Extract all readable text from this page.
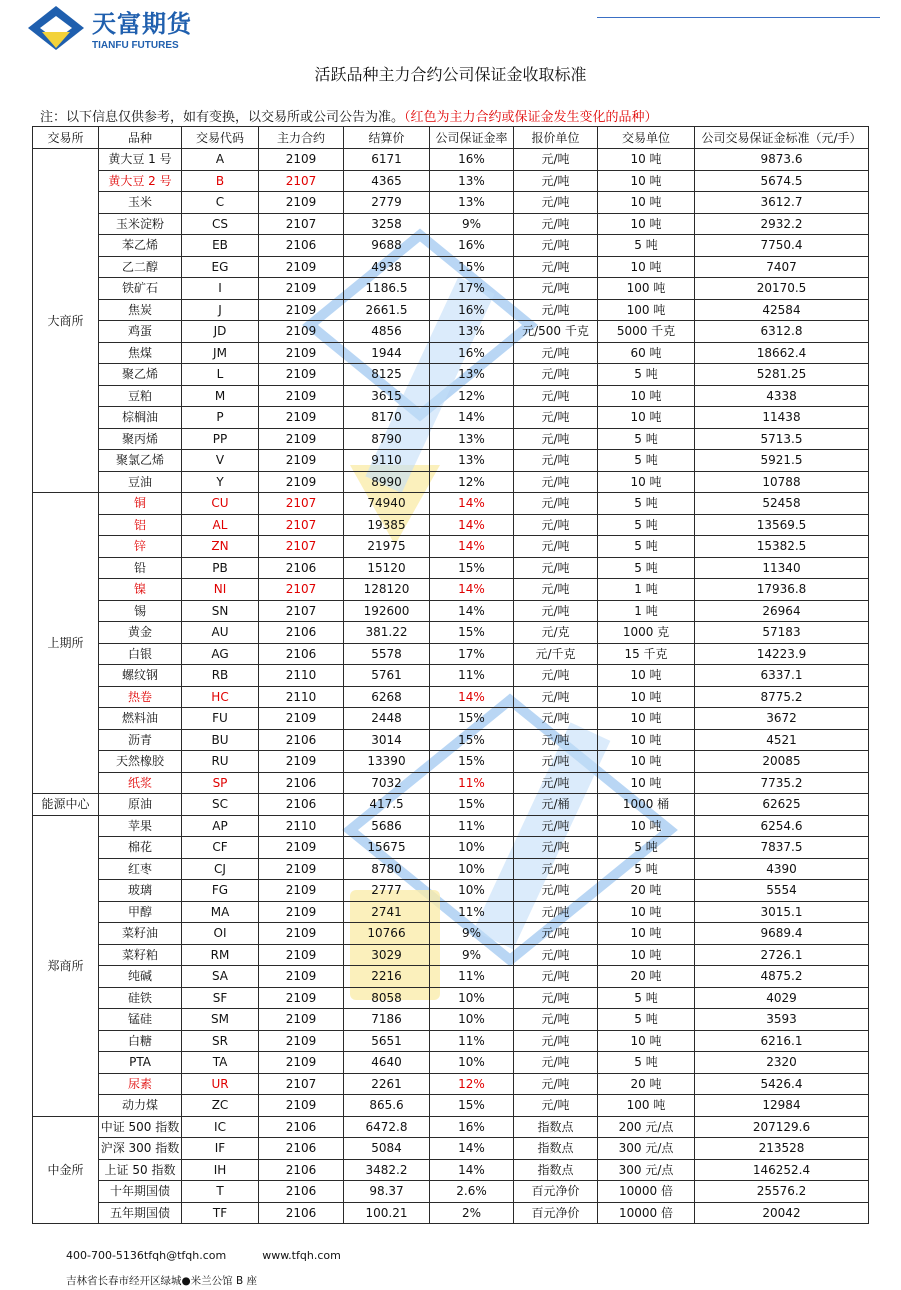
天富期货
TIANFU FUTURES
活跃品种主力合约公司保证金收取标准
注：以下信息仅供参考，如有变换，以交易所或公司公告为准。（红色为主力合约或保证金发生变化的品种）
交易所	品种	交易代码	主力合约	结算价	公司保证金率	报价单位	交易单位	公司交易保证金标准（元/手）
大商所	黄大豆 1 号	A	2109	6171	16%	元/吨	10 吨	9873.6
	黄大豆 2 号	B	2107	4365	13%	元/吨	10 吨	5674.5
	玉米	C	2109	2779	13%	元/吨	10 吨	3612.7
	玉米淀粉	CS	2107	3258	9%	元/吨	10 吨	2932.2
	苯乙烯	EB	2106	9688	16%	元/吨	5 吨	7750.4
	乙二醇	EG	2109	4938	15%	元/吨	10 吨	7407
	铁矿石	I	2109	1186.5	17%	元/吨	100 吨	20170.5
	焦炭	J	2109	2661.5	16%	元/吨	100 吨	42584
	鸡蛋	JD	2109	4856	13%	元/500 千克	5000 千克	6312.8
	焦煤	JM	2109	1944	16%	元/吨	60 吨	18662.4
	聚乙烯	L	2109	8125	13%	元/吨	5 吨	5281.25
	豆粕	M	2109	3615	12%	元/吨	10 吨	4338
	棕榈油	P	2109	8170	14%	元/吨	10 吨	11438
	聚丙烯	PP	2109	8790	13%	元/吨	5 吨	5713.5
	聚氯乙烯	V	2109	9110	13%	元/吨	5 吨	5921.5
	豆油	Y	2109	8990	12%	元/吨	10 吨	10788
上期所	铜	CU	2107	74940	14%	元/吨	5 吨	52458
	铝	AL	2107	19385	14%	元/吨	5 吨	13569.5
	锌	ZN	2107	21975	14%	元/吨	5 吨	15382.5
	铅	PB	2106	15120	15%	元/吨	5 吨	11340
	镍	NI	2107	128120	14%	元/吨	1 吨	17936.8
	锡	SN	2107	192600	14%	元/吨	1 吨	26964
	黄金	AU	2106	381.22	15%	元/克	1000 克	57183
	白银	AG	2106	5578	17%	元/千克	15 千克	14223.9
	螺纹钢	RB	2110	5761	11%	元/吨	10 吨	6337.1
	热卷	HC	2110	6268	14%	元/吨	10 吨	8775.2
	燃料油	FU	2109	2448	15%	元/吨	10 吨	3672
	沥青	BU	2106	3014	15%	元/吨	10 吨	4521
	天然橡胶	RU	2109	13390	15%	元/吨	10 吨	20085
	纸浆	SP	2106	7032	11%	元/吨	10 吨	7735.2
能源中心	原油	SC	2106	417.5	15%	元/桶	1000 桶	62625
郑商所	苹果	AP	2110	5686	11%	元/吨	10 吨	6254.6
	棉花	CF	2109	15675	10%	元/吨	5 吨	7837.5
	红枣	CJ	2109	8780	10%	元/吨	5 吨	4390
	玻璃	FG	2109	2777	10%	元/吨	20 吨	5554
	甲醇	MA	2109	2741	11%	元/吨	10 吨	3015.1
	菜籽油	OI	2109	10766	9%	元/吨	10 吨	9689.4
	菜籽粕	RM	2109	3029	9%	元/吨	10 吨	2726.1
	纯碱	SA	2109	2216	11%	元/吨	20 吨	4875.2
	硅铁	SF	2109	8058	10%	元/吨	5 吨	4029
	锰硅	SM	2109	7186	10%	元/吨	5 吨	3593
	白糖	SR	2109	5651	11%	元/吨	10 吨	6216.1
	PTA	TA	2109	4640	10%	元/吨	5 吨	2320
	尿素	UR	2107	2261	12%	元/吨	20 吨	5426.4
	动力煤	ZC	2109	865.6	15%	元/吨	100 吨	12984
中金所	中证 500 指数	IC	2106	6472.8	16%	指数点	200 元/点	207129.6
	沪深 300 指数	IF	2106	5084	14%	指数点	300 元/点	213528
	上证 50 指数	IH	2106	3482.2	14%	指数点	300 元/点	146252.4
	十年期国债	T	2106	98.37	2.6%	百元净价	10000 倍	25576.2
	五年期国债	TF	2106	100.21	2%	百元净价	10000 倍	20042
400-700-5136tfqh@tfqh.com	www.tfqh.com
吉林省长春市经开区绿城●米兰公馆 B 座
